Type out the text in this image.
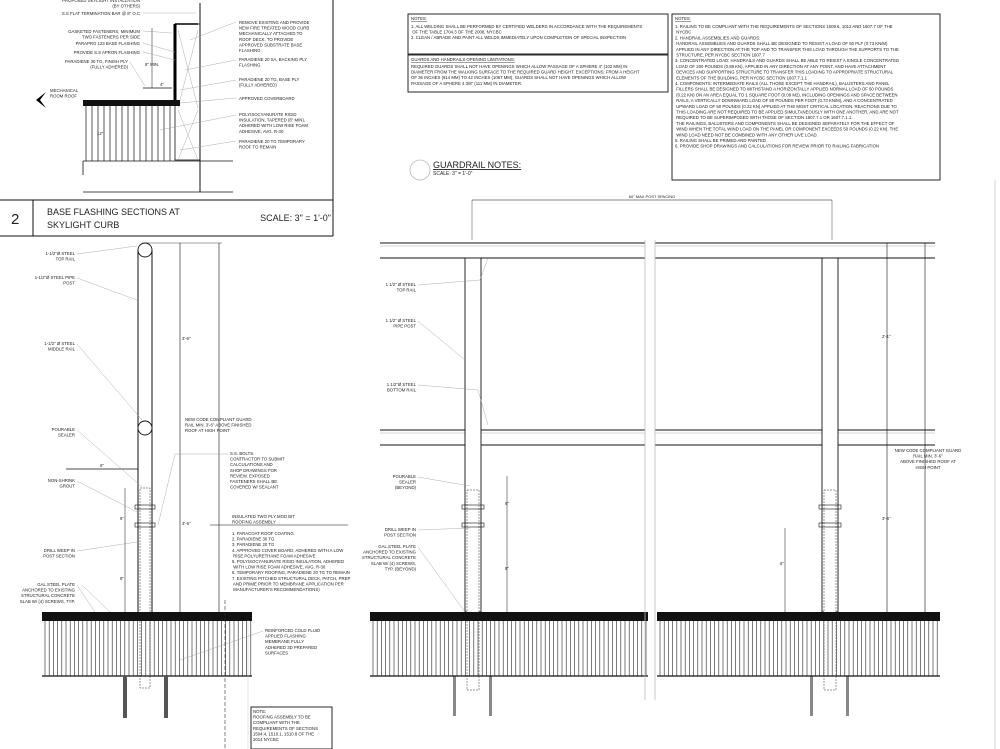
2	BASE FLASHING SECTIONS AT
SKYLIGHT CURB
SCALE: 3" = 1'-0"
8" MIN.
4"
12"
MECHANICAL ROOM ROOF
PROPOSED SKYLIGHT INSTALLATION (BY OTHERS)
S.S FLAT TERMINATION BAR @ 8" O.C
GASKETED FASTENERS, MINIMUM TWO FASTENERS PER SIDE
PARAPRO 123 BASE FLASHING
PROVIDE S.S APRON FLASHING
PARADIENE 30 TG, FINISH PLY (FULLY ADHERED)
REMOVE EXISTING AND PROVIDE NEW FIRE TREATED WOOD CURB MECHANICALLY ATTACHED TO ROOF DECK. TO PROVIDE APPROVED SUBSTRATE BASE FLASHING
PARADIENE 20 SA, BACKING PLY FLASHING
PARADIENE 20 TG, BASE PLY (FULLY ADHERED)
APPROVED COVERBOARD
POLYISOCYANURATE RIGID INSULATION, TAPERED (8" MIN), ADHERED WITH LOW RISE FOAM ADHESIVE, AVG. R-30
PARADIENE 20 TG TEMPORARY ROOF TO REMAIN
NOTES:
1. ALL WELDING SHALL BE PERFORMED BY CERTIFIED WELDERS IN ACCORDANCE WITH THE REQUIREMENTS OF THE TABLE 1704.3 OF THE 2008, NYCBC 2. CLEAN / ABRADE AND PAINT ALL WELDS IMMEDIATELY UPON COMPLETION OF SPECIAL INSPECTION
GUARDS AND HANDRAILS OPENING LIMITATIONS:
REQUIRED GUARDS SHALL NOT HAVE OPENINGS WHICH ALLOW PASSAGE OF A SPHERE 4" (102 MM) IN DIAMETER FROM THE WALKING SURFACE TO THE REQUIRED GUARD HEIGHT. EXCEPTIONS: FROM A HEIGHT OF 36 INCHES (914 MM) TO 42 INCHES (1067 MM), GUARDS SHALL NOT HAVE OPENINGS WHICH ALLOW PASSAGE OF A SPHERE 4 3/8" (111 MM) IN DIAMETER.
NOTES:
1. RAILING TO BE COMPLIANT WITH THE REQUIREMENTS OF SECTIONS 1509.6, 1012 AND 1607.7 OF THE NYCBC 2. HANDRAIL ASSEMBLIES AND GUARDS: HANDRAIL ASSEMBLIES AND GUARDS SHALL BE DESIGNED TO RESIST A LOAD OF 50 PLF (0.73 KN/M) APPLIED IN ANY DIRECTION AT THE TOP AND TO TRANSFER THIS LOAD THROUGH THE SUPPORTS TO THE STRUCTURE, PER NYCBC SECTION 1607.7 3. CONCENTRATED LOAD: HANDRAILS AND GUARDS SHALL BE ABLE TO RESIST A SINGLE CONCENTRATED LOAD OF 200 POUNDS (0.89 KN), APPLIED IN ANY DIRECTION AT ANY POINT, AND HAVE ATTACHMENT DEVICES AND SUPPORTING STRUCTURE TO TRANSFER THIS LOADING TO APPROPRIATE STRUCTURAL ELEMENTS OF THE BUILDING, PER NYCBC SECTION 1607.7.1.1 4. COMPONENTS: INTERMEDIATE RAILS (ALL THOSE EXCEPT THE HANDRAIL), BALUSTERS AND PANEL FILLERS SHALL BE DESIGNED TO WITHSTAND A HORIZONTALLY APPLIED NORMAL LOAD OF 50 POUNDS (0.22 KN) ON AN AREA EQUAL TO 1 SQUARE FOOT (0.09 M2), INCLUDING OPENINGS AND SPACE BETWEEN RAILS, A VERTICALLY DOWNWARD LOAD OF 50 POUNDS PER FOOT (0.73 KN/M), AND A CONCENTRATED UPWARD LOAD OF 50 POUNDS (0.22 KN) APPLIED AT THE MOST CRITICAL LOCATION. REACTIONS DUE TO THIS LOADING ARE NOT REQUIRED TO BE APPLIED SIMULTANEOUSLY WITH ONE ANOTHER, AND ARE NOT REQUIRED TO BE SUPERIMPOSED WITH THOSE OF SECTION 1607.7.1 OR 1607.7.1.1. THE RAILINGS, BALUSTERS AND COMPONENTS SHALL BE DESIGNED SEPARATELY FOR THE EFFECT OF WIND WHEN THE TOTAL WIND LOAD ON THE PANEL OR COMPONENT EXCEEDS 50 POUNDS (0.22 KN). THE WIND LOAD NEED NOT BE COMBINED WITH ANY OTHER LIVE LOAD. 5. RAILING SHALL BE PRIMED AND PAINTED 6. PROVIDE SHOP DRAWINGS AND CALCULATIONS FOR REVIEW PRIOR TO RAILING FABRICATION
GUARDRAIL NOTES:
SCALE: 3" = 1'-0"
6"
3'-6"
3'-6"
6"
8"
1-1/2"Ø STEEL TOP RAIL
1-1/2"Ø STEEL PIPE POST
1-1/2" Ø STEEL MIDDLE RAIL
POURABLE SEALER
NON-SHRINK GROUT
DRILL WEEP IN POST SECTION
GAL.STEEL PLATE ANCHORED TO EXISTING STRUCTURAL CONCRETE SLAB W/ (4) SCREWS, TYP.
NEW CODE COMPLIANT GUARD RAIL MIN. 3'-6" ABOVE FINISHED ROOF AT HIGH POINT
S.S. BOLTS. CONTRACTOR TO SUBMIT CALCULATIONS AND SHOP DRAWINGS FOR REVIEW. EXPOSED FASTENERS SHALL BE COVERED W/ SEALANT
INSULATED TWO PLY MOD BIT ROOFING ASSEMBLY
1. PARACOAT ROOF COATING 2. PARADIENE 30 TG 3. PARADIENE 20 TG 4. APPROVED COVER BOARD, ADHERED WITH A LOW RISE POLYURETHANE FOAM ADHESIVE 5. POLYISOCYANURATE RIGID INSULATION, ADHERED WITH LOW RISE FOAM ADHESIVE, AVG. R-30 6. TEMPORARY ROOFING, PARADIENE 20 TG TO REMAIN 7. EXISTING PITCHED STRUCTURAL DECK, PATCH, PREP AND PRIME PRIOR TO MEMBRANE APPLICATION PER MANUFACTURER'S RECOMMENDATIONS)
REINFORCED COLD FLUID APPLIED FLASHING MEMBRANE FULLY ADHERED 3D PREPARED SURFACES
NOTE: ROOFING ASSEMBLY TO BE COMPLIANT WITH THE REQUIREMENTS OF SECTIONS 1504.4, 1510.1, 1510.8 OF THE 2014 NYCBC
60" MAX POST SPACING
2'-1"
3'-6"
6"
8"
6"
1 1/2" Ø STEEL TOP RAIL
1 1/2" Ø STEEL PIPE POST
1 1/2"Ø STEEL BOTTOM RAIL
POURABLE SEALER (BEYOND)
DRILL WEEP IN POST SECTION
GAL.STEEL PLATE ANCHORED TO EXISTING STRUCTURAL CONCRETE SLAB W/ (4) SCREWS, TYP. (BEYOND)
NEW CODE COMPLIANT GUARD RAIL MIN. 3'-6" ABOVE FINISHED ROOF AT HIGH POINT
